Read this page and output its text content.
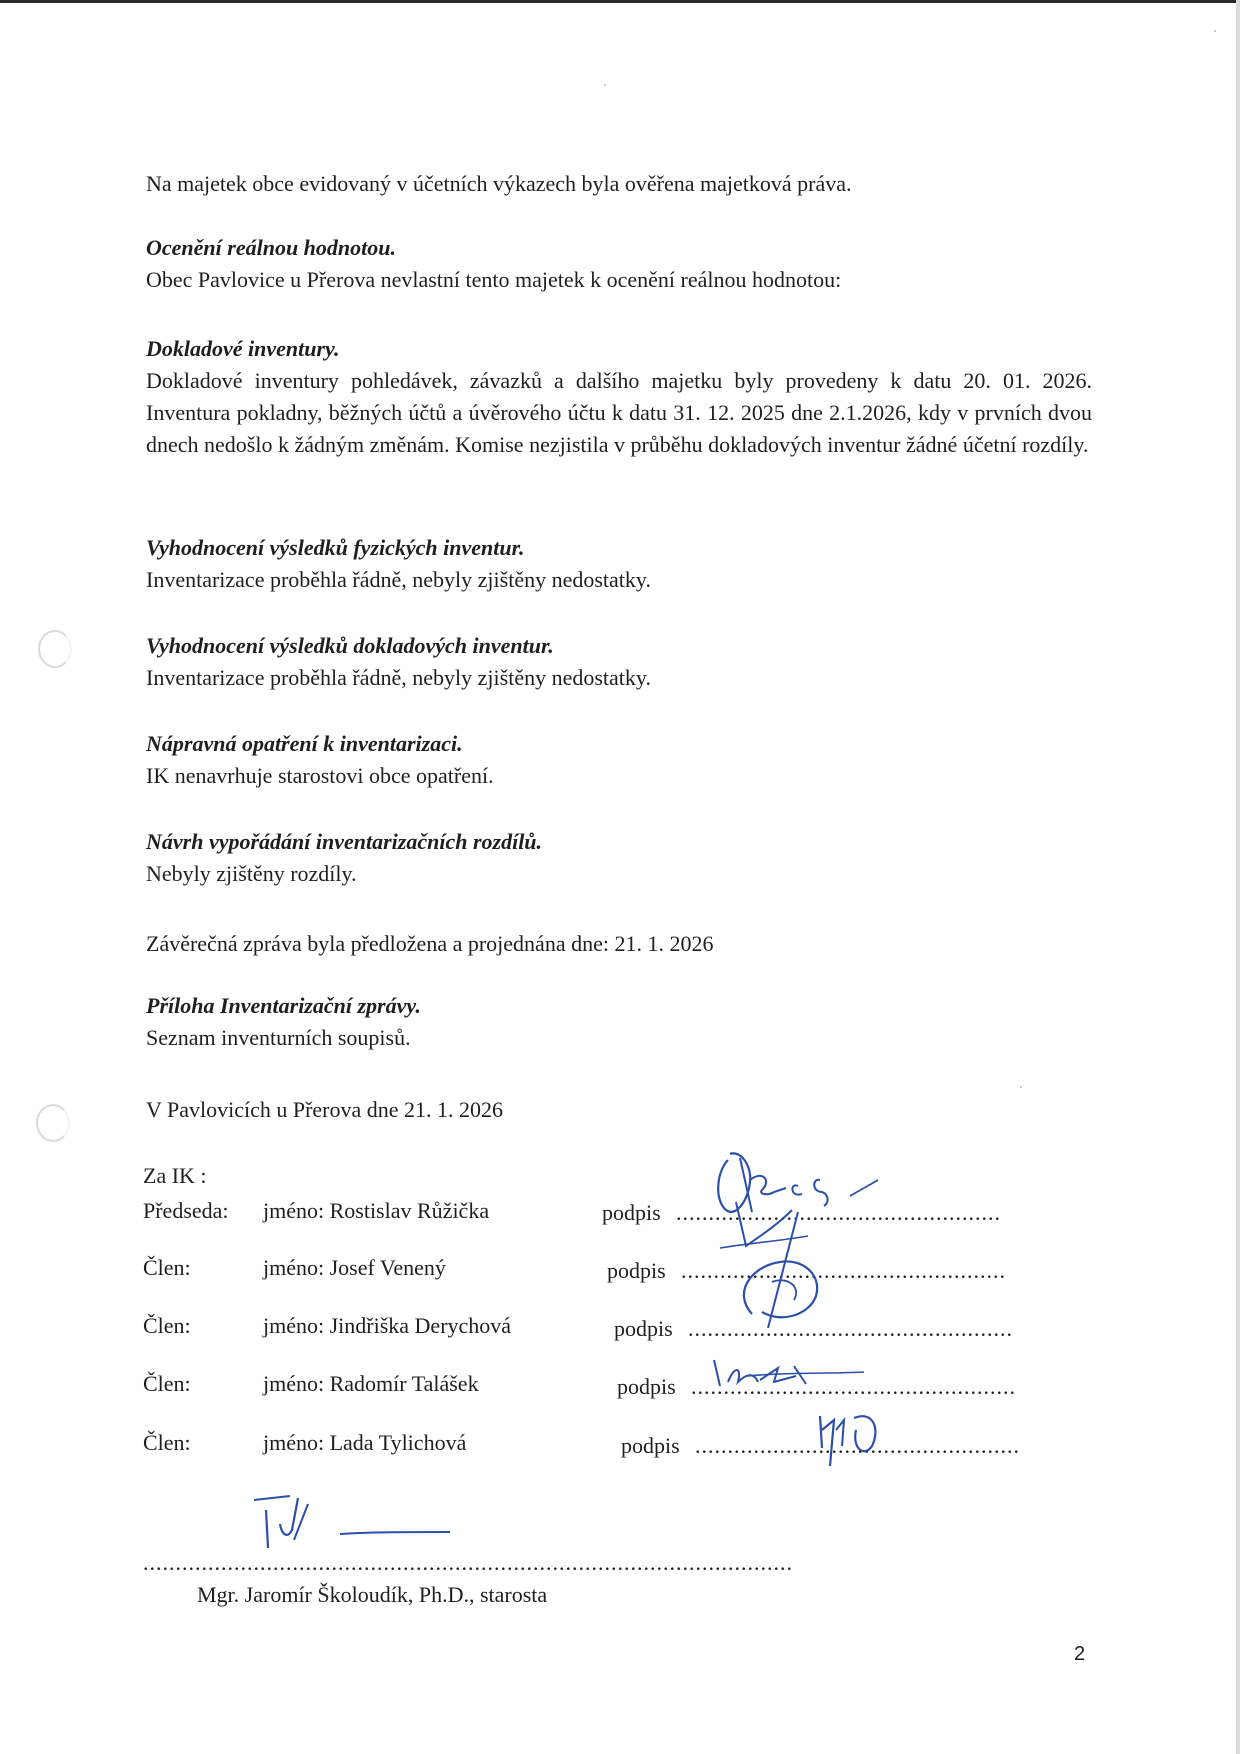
Na majetek obce evidovaný v účetních výkazech byla ověřena majetková práva.

Ocenění reálnou hodnotou.
Obec Pavlovice u Přerova nevlastní tento majetek k ocenění reálnou hodnotou:
Dokladové inventury.
Dokladové inventury pohledávek, závazků a dalšího majetku byly provedeny k datu 20. 01. 2026. Inventura pokladny, běžných účtů a úvěrového účtu k datu 31. 12. 2025 dne 2.1.2026, kdy v prvních dvou dnech nedošlo k žádným změnám. Komise nezjistila v průběhu dokladových inventur žádné účetní rozdíly.
Vyhodnocení výsledků fyzických inventur.
Inventarizace proběhla řádně, nebyly zjištěny nedostatky.
Vyhodnocení výsledků dokladových inventur.
Inventarizace proběhla řádně, nebyly zjištěny nedostatky.
Nápravná opatření k inventarizaci.
IK nenavrhuje starostovi obce opatření.
Návrh vypořádání inventarizačních rozdílů.
Nebyly zjištěny rozdíly.

Závěrečná zpráva byla předložena a projednána dne: 21. 1. 2026

Příloha Inventarizační zprávy.
Seznam inventurních soupisů.

V Pavlovicích u Přerova dne 21. 1. 2026

Za IK :
Předseda: jméno: Rostislav Růžička	podpis ..................................................
Člen:	jméno: Josef Venený	podpis ..................................................
Člen:	jméno: Jindřiška Derychová	podpis ..................................................
Člen:	jméno: Radomír Talášek	podpis ..................................................
Člen:	jméno: Lada Tylichová	podpis ..................................................
....................................................................................................
Mgr. Jaromír Školoudík, Ph.D., starosta
2
